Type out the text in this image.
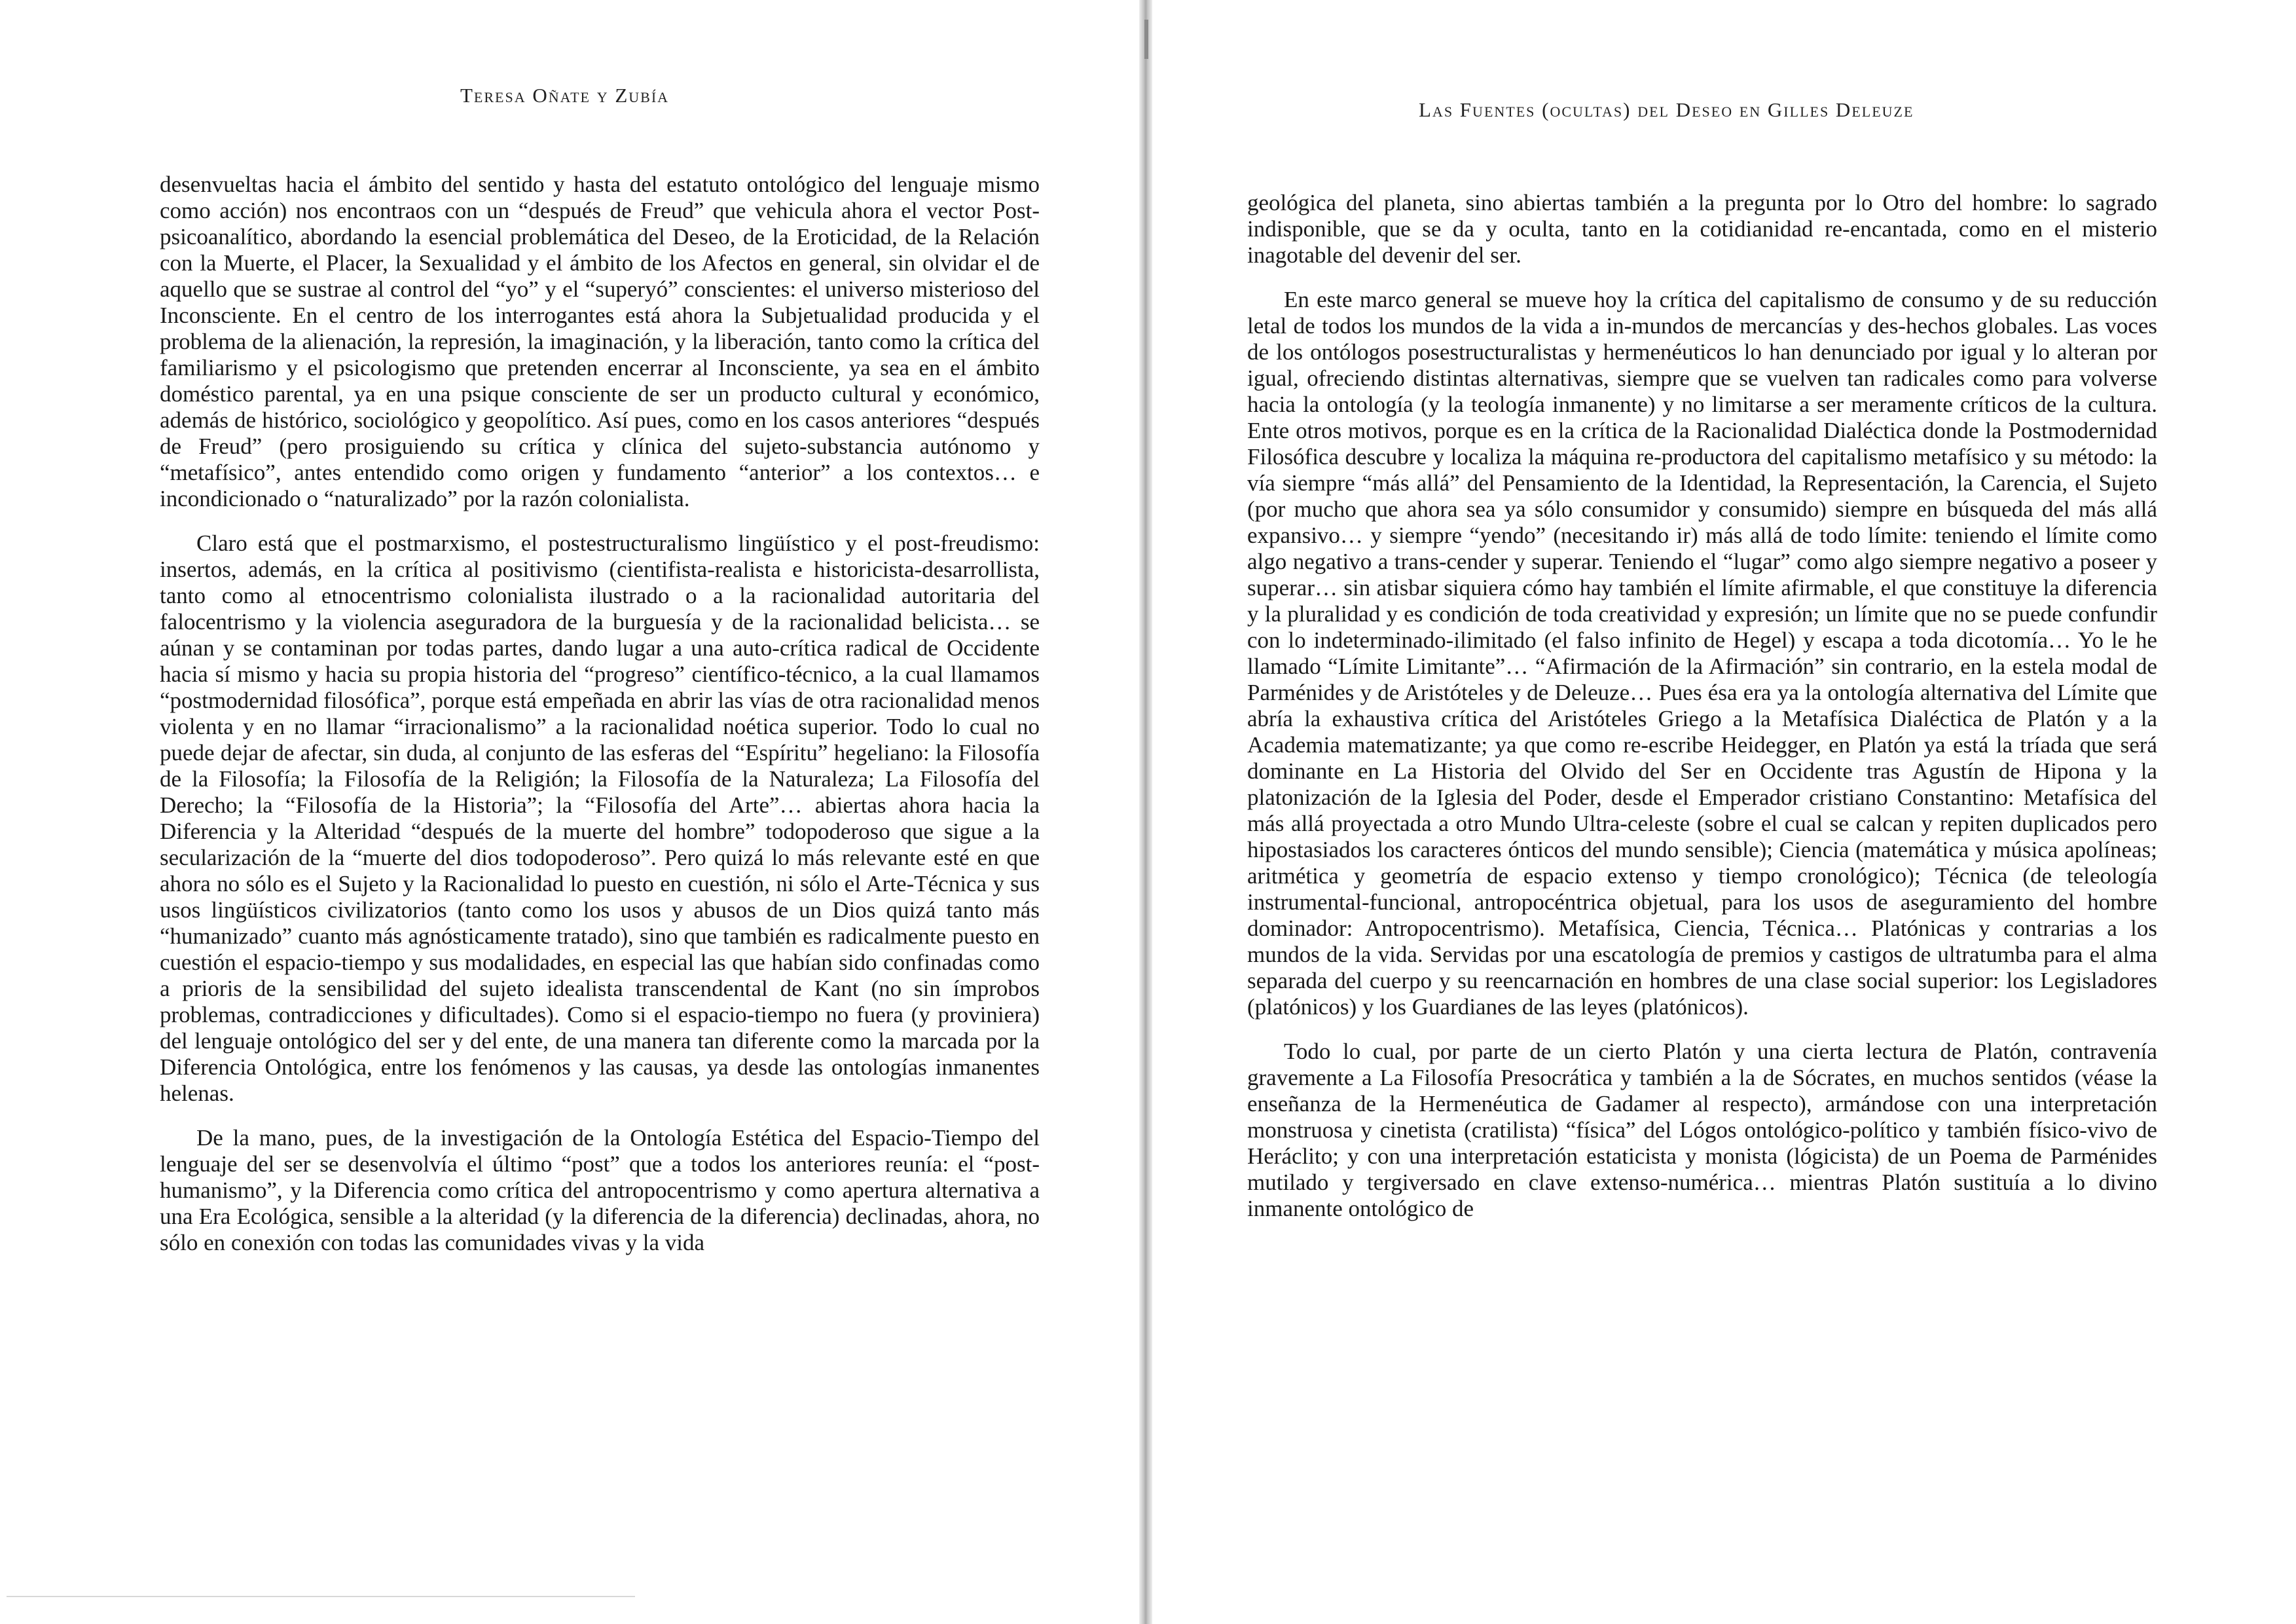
Teresa Oñate y Zubía

desenvueltas hacia el ámbito del sentido y hasta del estatuto ontológico del lenguaje mismo como acción) nos encontraos con un “después de Freud” que vehicula ahora el vector Post-psicoanalítico, abordando la esencial problemática del Deseo, de la Eroticidad, de la Relación con la Muerte, el Placer, la Sexualidad y el ámbito de los Afectos en general, sin olvidar el de aquello que se sustrae al control del “yo” y el “superyó” conscientes: el universo misterioso del Inconsciente. En el centro de los interrogantes está ahora la Subjetualidad producida y el problema de la alienación, la represión, la imaginación, y la liberación, tanto como la crítica del familiarismo y el psicologismo que pretenden encerrar al Inconsciente, ya sea en el ámbito doméstico parental, ya en una psique consciente de ser un producto cultural y económico, además de histórico, sociológico y geopolítico. Así pues, como en los casos anteriores “después de Freud” (pero prosiguiendo su crítica y clínica del sujeto-substancia autónomo y “metafísico”, antes entendido como origen y fundamento “anterior” a los contextos… e incondicionado o “naturalizado” por la razón colonialista.

Claro está que el postmarxismo, el postestructuralismo lingüístico y el post-freudismo: insertos, además, en la crítica al positivismo (cientifista-realista e historicista-desarrollista, tanto como al etnocentrismo colonialista ilustrado o a la racionalidad autoritaria del falocentrismo y la violencia aseguradora de la burguesía y de la racionalidad belicista… se aúnan y se contaminan por todas partes, dando lugar a una auto-crítica radical de Occidente hacia sí mismo y hacia su propia historia del “progreso” científico-técnico, a la cual llamamos “postmodernidad filosófica”, porque está empeñada en abrir las vías de otra racionalidad menos violenta y en no llamar “irracionalismo” a la racionalidad noética superior. Todo lo cual no puede dejar de afectar, sin duda, al conjunto de las esferas del “Espíritu” hegeliano: la Filosofía de la Filosofía; la Filosofía de la Religión; la Filosofía de la Naturaleza; La Filosofía del Derecho; la “Filosofía de la Historia”; la “Filosofía del Arte”… abiertas ahora hacia la Diferencia y la Alteridad “después de la muerte del hombre” todopoderoso que sigue a la secularización de la “muerte del dios todopoderoso”. Pero quizá lo más relevante esté en que ahora no sólo es el Sujeto y la Racionalidad lo puesto en cuestión, ni sólo el Arte-Técnica y sus usos lingüísticos civilizatorios (tanto como los usos y abusos de un Dios quizá tanto más “humanizado” cuanto más agnósticamente tratado), sino que también es radicalmente puesto en cuestión el espacio-tiempo y sus modalidades, en especial las que habían sido confinadas como a prioris de la sensibilidad del sujeto idealista transcendental de Kant (no sin ímprobos problemas, contradicciones y dificultades). Como si el espacio-tiempo no fuera (y proviniera) del lenguaje ontológico del ser y del ente, de una manera tan diferente como la marcada por la Diferencia Ontológica, entre los fenómenos y las causas, ya desde las ontologías inmanentes helenas.

De la mano, pues, de la investigación de la Ontología Estética del Espacio-Tiempo del lenguaje del ser se desenvolvía el último “post” que a todos los anteriores reunía: el “post-humanismo”, y la Diferencia como crítica del antropocentrismo y como apertura alternativa a una Era Ecológica, sensible a la alteridad (y la diferencia de la diferencia) declinadas, ahora, no sólo en conexión con todas las comunidades vivas y la vida

Las Fuentes (ocultas) del Deseo en Gilles Deleuze

geológica del planeta, sino abiertas también a la pregunta por lo Otro del hombre: lo sagrado indisponible, que se da y oculta, tanto en la cotidianidad re-encantada, como en el misterio inagotable del devenir del ser.

En este marco general se mueve hoy la crítica del capitalismo de consumo y de su reducción letal de todos los mundos de la vida a in-mundos de mercancías y des-hechos globales. Las voces de los ontólogos posestructuralistas y hermenéuticos lo han denunciado por igual y lo alteran por igual, ofreciendo distintas alternativas, siempre que se vuelven tan radicales como para volverse hacia la ontología (y la teología inmanente) y no limitarse a ser meramente críticos de la cultura. Ente otros motivos, porque es en la crítica de la Racionalidad Dialéctica donde la Postmodernidad Filosófica descubre y localiza la máquina re-productora del capitalismo metafísico y su método: la vía siempre “más allá” del Pensamiento de la Identidad, la Representación, la Carencia, el Sujeto (por mucho que ahora sea ya sólo consumidor y consumido) siempre en búsqueda del más allá expansivo… y siempre “yendo” (necesitando ir) más allá de todo límite: teniendo el límite como algo negativo a trans-cender y superar. Teniendo el “lugar” como algo siempre negativo a poseer y superar… sin atisbar siquiera cómo hay también el límite afirmable, el que constituye la diferencia y la pluralidad y es condición de toda creatividad y expresión; un límite que no se puede confundir con lo indeterminado-ilimitado (el falso infinito de Hegel) y escapa a toda dicotomía… Yo le he llamado “Límite Limitante”… “Afirmación de la Afirmación” sin contrario, en la estela modal de Parménides y de Aristóteles y de Deleuze… Pues ésa era ya la ontología alternativa del Límite que abría la exhaustiva crítica del Aristóteles Griego a la Metafísica Dialéctica de Platón y a la Academia matematizante; ya que como re-escribe Heidegger, en Platón ya está la tríada que será dominante en La Historia del Olvido del Ser en Occidente tras Agustín de Hipona y la platonización de la Iglesia del Poder, desde el Emperador cristiano Constantino: Metafísica del más allá proyectada a otro Mundo Ultra-celeste (sobre el cual se calcan y repiten duplicados pero hipostasiados los caracteres ónticos del mundo sensible); Ciencia (matemática y música apolíneas; aritmética y geometría de espacio extenso y tiempo cronológico); Técnica (de teleología instrumental-funcional, antropocéntrica objetual, para los usos de aseguramiento del hombre dominador: Antropocentrismo). Metafísica, Ciencia, Técnica… Platónicas y contrarias a los mundos de la vida. Servidas por una escatología de premios y castigos de ultratumba para el alma separada del cuerpo y su reencarnación en hombres de una clase social superior: los Legisladores (platónicos) y los Guardianes de las leyes (platónicos).

Todo lo cual, por parte de un cierto Platón y una cierta lectura de Platón, contravenía gravemente a La Filosofía Presocrática y también a la de Sócrates, en muchos sentidos (véase la enseñanza de la Hermenéutica de Gadamer al respecto), armándose con una interpretación monstruosa y cinetista (cratilista) “física” del Lógos ontológico-político y también físico-vivo de Heráclito; y con una interpretación estaticista y monista (lógicista) de un Poema de Parménides mutilado y tergiversado en clave extenso-numérica… mientras Platón sustituía a lo divino inmanente ontológico de
